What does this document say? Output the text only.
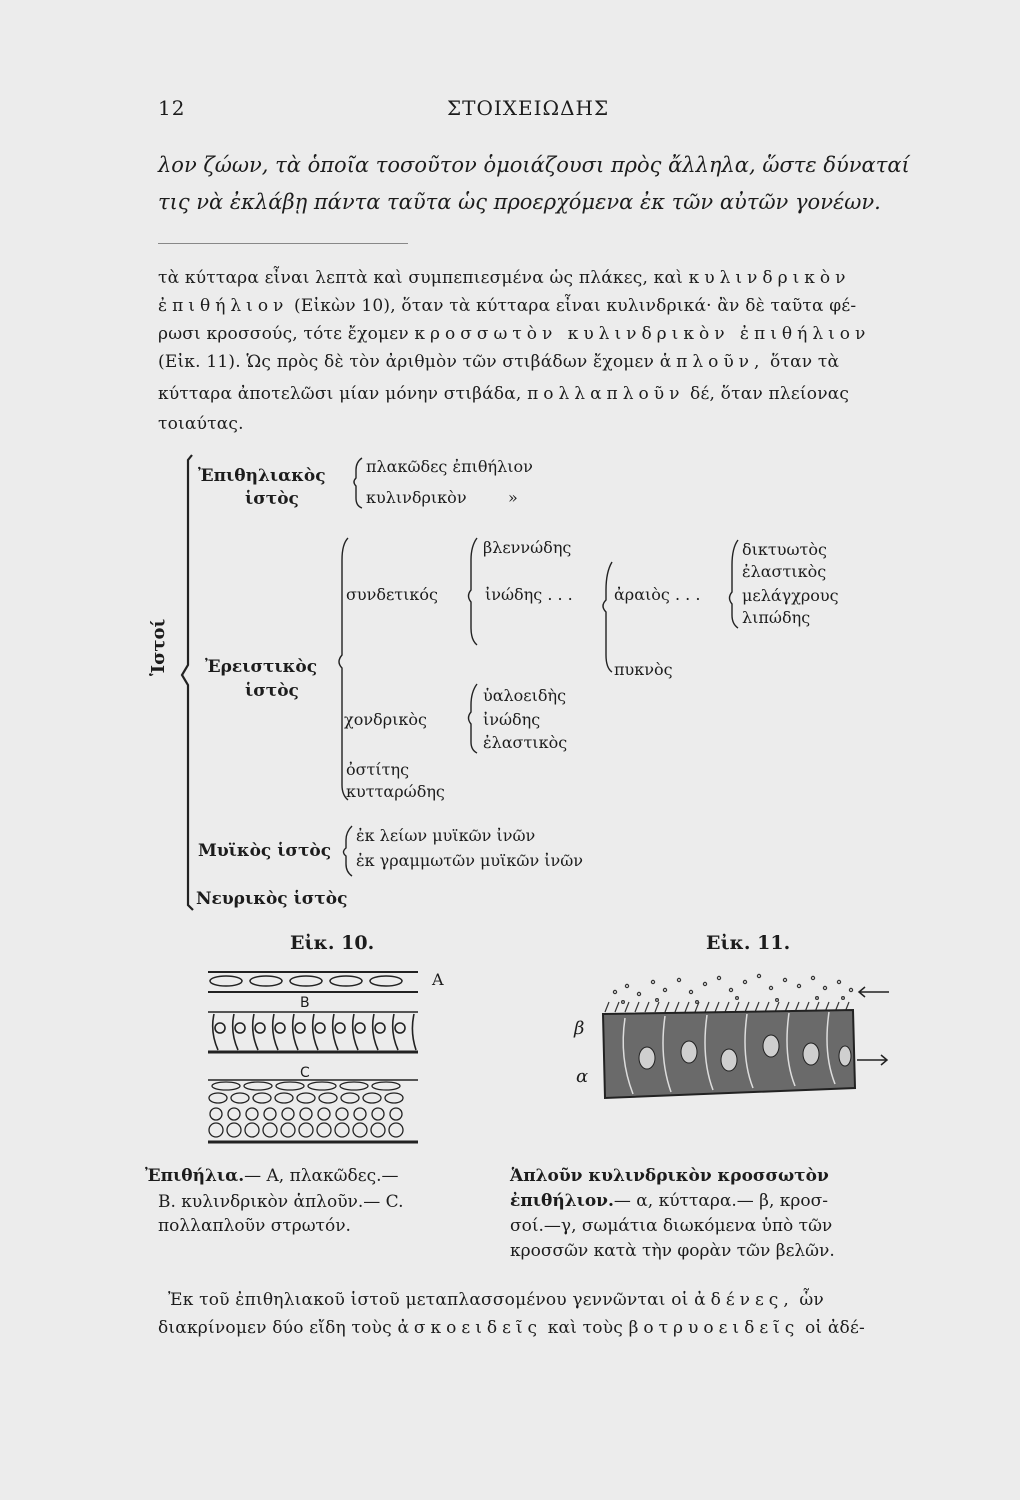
12	ΣΤΟΙΧΕΙΩΔΗΣ
λον ζώων, τὰ ὁποῖα τοσοῦτον ὁμοιάζουσι πρὸς ἄλληλα, ὥστε δύναταί
τις νὰ ἐκλάβῃ πάντα ταῦτα ὡς προερχόμενα ἐκ τῶν αὐτῶν γονέων.
τὰ κύτταρα εἶναι λεπτὰ καὶ συμπεπιεσμένα ὡς πλάκες, καὶ κυλινδρικὸν
ἐπιθήλιον (Εἰκὼν 10), ὅταν τὰ κύτταρα εἶναι κυλινδρικά· ἂν δὲ ταῦτα φέ-
ρωσι κροσσούς, τότε ἔχομεν κροσσωτὸν κυλινδρικὸν ἐπιθήλιον
(Εἰκ. 11). Ὡς πρὸς δὲ τὸν ἀριθμὸν τῶν στιβάδων ἔχομεν ἁπλοῦν, ὅταν τὰ
κύτταρα ἀποτελῶσι μίαν μόνην στιβάδα, πολλαπλοῦν δέ, ὅταν πλείονας
τοιαύτας.
Ἱστοί
Ἐπιθηλιακὸς
ἱστὸς
πλακῶδες ἐπιθήλιον
κυλινδρικὸν	»
Ἐρειστικὸς
ἱστὸς
συνδετικός
βλεννώδης
ἰνώδης . . .	ἀραιὸς . . .
δικτυωτὸς
ἐλαστικὸς
μελάγχρους
λιπώδης
πυκνὸς
χονδρικὸς
ὑαλοειδὴς
ἰνώδης
ἐλαστικὸς
ὀστίτης
κυτταρώδης
Μυϊκὸς ἱστὸς
ἐκ λείων μυϊκῶν ἰνῶν
ἐκ γραμμωτῶν μυϊκῶν ἰνῶν
Νευρικὸς ἱστὸς
Εἰκ. 10.	Εἰκ. 11.
A
B
C
β
α
Ἐπιθήλια.— Α, πλακῶδες.—
Β. κυλινδρικὸν ἁπλοῦν.— C.
πολλαπλοῦν στρωτόν.
Ἁπλοῦν κυλινδρικὸν κροσσωτὸν
ἐπιθήλιον.— α, κύτταρα.— β, κροσ-
σοί.—γ, σωμάτια διωκόμενα ὑπὸ τῶν
κροσσῶν κατὰ τὴν φορὰν τῶν βελῶν.
Ἐκ τοῦ ἐπιθηλιακοῦ ἱστοῦ μεταπλασσομένου γεννῶνται οἱ ἀδένες, ὧν
διακρίνομεν δύο εἴδη τοὺς ἀσκοειδεῖς καὶ τοὺς βοτρυοειδεῖς οἱ ἀδέ-
